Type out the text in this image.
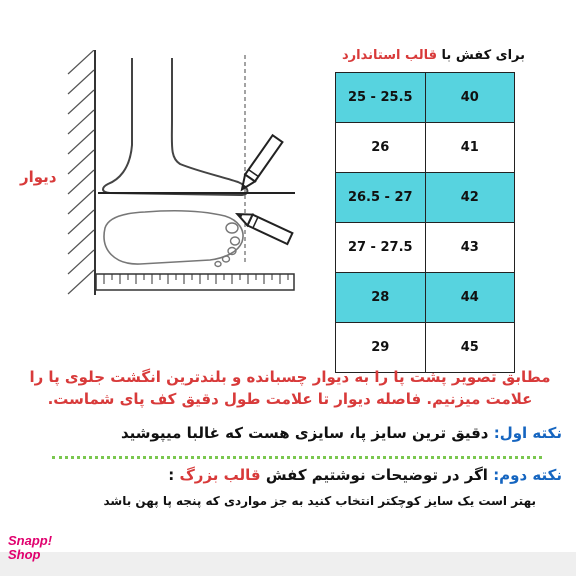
دیوار
برای کفش با قالب استاندارد
25 - 25.5	40
26	41
26.5 - 27	42
27 - 27.5	43
28	44
29	45
مطابق تصویر پشت پا را به دیوار چسبانده و بلندترین انگشت جلوی پا را
علامت میزنیم. فاصله دیوار تا علامت طول دقیق کف پای شماست.
نکته اول: دقیق ترین سایز پا، سایزی هست که غالبا میپوشید
نکته دوم: اگر در توضیحات نوشتیم کفش قالب بزرگ :
بهتر است یک سایز کوچکتر انتخاب کنید به جز مواردی که پنجه پا پهن باشد
Snapp!
Shop
